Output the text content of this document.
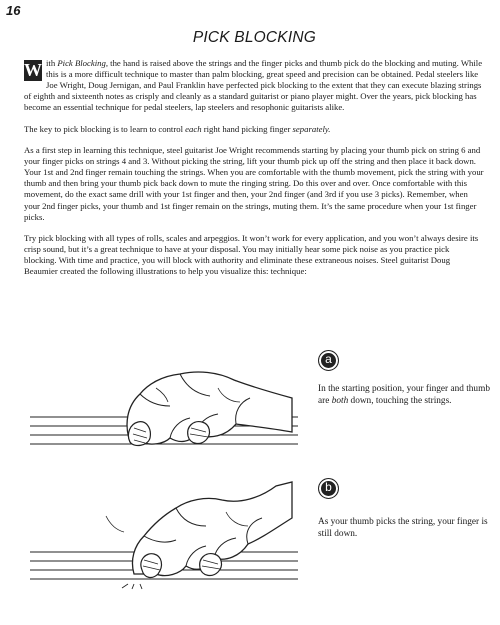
16
PICK BLOCKING

W ith Pick Blocking, the hand is raised above the strings and the finger picks and thumb pick do the blocking and muting. While this is a more difficult technique to master than palm blocking, great speed and precision can be obtained. Pedal steelers like Joe Wright, Doug Jernigan, and Paul Franklin have perfected pick blocking to the extent that they can execute blazing strings of eighth and sixteenth notes as crisply and cleanly as a standard guitarist or piano player might. Over the years, pick blocking has become an essential technique for pedal steelers, lap steelers and resophonic guitarists alike.

The key to pick blocking is to learn to control each right hand picking finger separately.

As a first step in learning this technique, steel guitarist Joe Wright recommends starting by placing your thumb pick on string 6 and your finger picks on strings 4 and 3. Without picking the string, lift your thumb pick up off the string and then place it back down. Your 1st and 2nd finger remain touching the strings. When you are comfortable with the thumb movement, pick the string with your thumb and then bring your thumb pick back down to mute the ringing string. Do this over and over. Once comfortable with this movement, do the exact same drill with your 1st finger and then, your 2nd finger (and 3rd if you use 3 picks). Remember, when your 2nd finger picks, your thumb and 1st finger remain on the strings, muting them. It’s the same procedure when your 1st finger picks.

Try pick blocking with all types of rolls, scales and arpeggios. It won’t work for every application, and you won’t always desire its crisp sound, but it’s a great technique to have at your disposal. You may initially hear some pick noise as you practice pick blocking. With time and practice, you will block with authority and eliminate these extraneous noises. Steel guitarist Doug Beaumier created the following illustrations to help you visualize this: technique:

a
In the starting position, your finger and thumb are both down, touching the strings.
b
As your thumb picks the string, your finger is still down.
